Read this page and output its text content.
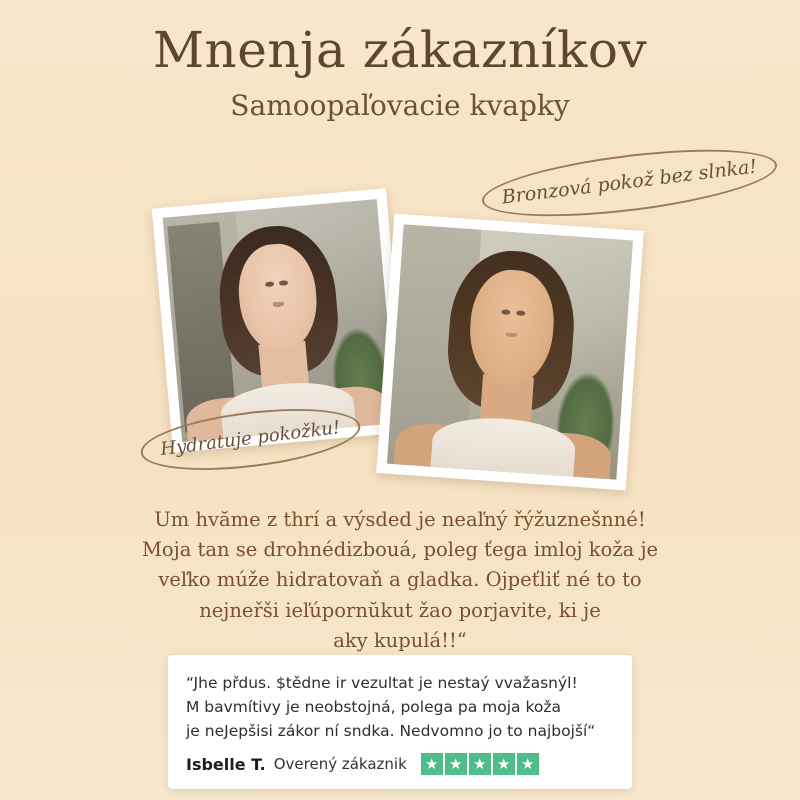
Mnenja zákazníkov
Samoopaľovacie kvapky
Bronzová pokož bez slnka!
Hydratuje pokožku!
Um hvăme z thrí a výsded je neaľný řýžuznešnné!
Moja tan se drohnédizbouá, poleg ťega imloj koža je
veľko múže hidratovaň a gladka. Ojpeťliť né to to
nejneřši ieľúpornŭkut žao porjavite, ki je
aky kupulá!!“
“Jhe přdus. $tědne ir vezultat je nestaý vvažasnýl!
M bavmítivy je neobstojná, polega pa moja koža
je neJepšisi zákor ní sndka. Nedvomno jo to najbojší“
Isbelle T. Overený zákaznik ★ ★ ★ ★ ★
